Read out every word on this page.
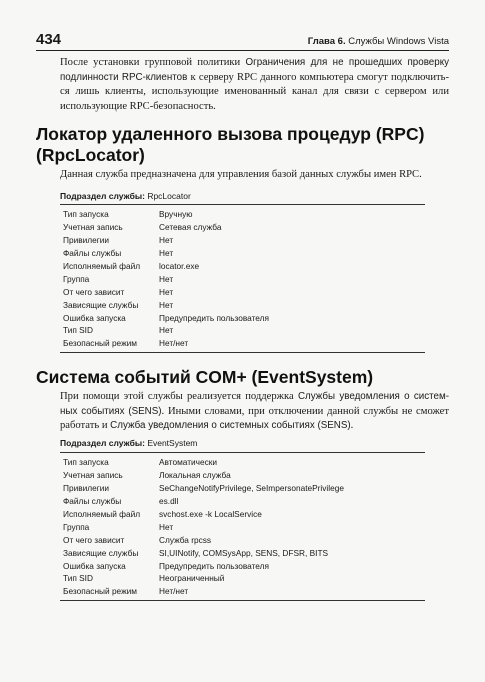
434	Глава 6. Службы Windows Vista
После установки групповой политики Ограничения для не прошедших проверку подлинности RPC-клиентов к серверу RPC данного компьютера смогут подключить-ся лишь клиенты, использующие именованный канал для связи с сервером или использующие RPC-безопасность.
Локатор удаленного вызова процедур (RPC) (RpcLocator)
Данная служба предназначена для управления базой данных службы имен RPC.
Подраздел службы: RpcLocator
Тип запуска	Вручную
Учетная запись	Сетевая служба
Привилегии	Нет
Файлы службы	Нет
Исполняемый файл	locator.exe
Группа	Нет
От чего зависит	Нет
Зависящие службы	Нет
Ошибка запуска	Предупредить пользователя
Тип SID	Нет
Безопасный режим	Нет/нет
Система событий COM+ (EventSystem)
При помощи этой службы реализуется поддержка Службы уведомления о систем-ных событиях (SENS). Иными словами, при отключении данной службы не сможет работать и Служба уведомления о системных событиях (SENS).
Подраздел службы: EventSystem
Тип запуска	Автоматически
Учетная запись	Локальная служба
Привилегии	SeChangeNotifyPrivilege, SeImpersonatePrivilege
Файлы службы	es.dll
Исполняемый файл	svchost.exe -k LocalService
Группа	Нет
От чего зависит	Служба rpcss
Зависящие службы	SI,UINotify, COMSysApp, SENS, DFSR, BITS
Ошибка запуска	Предупредить пользователя
Тип SID	Неограниченный
Безопасный режим	Нет/нет
